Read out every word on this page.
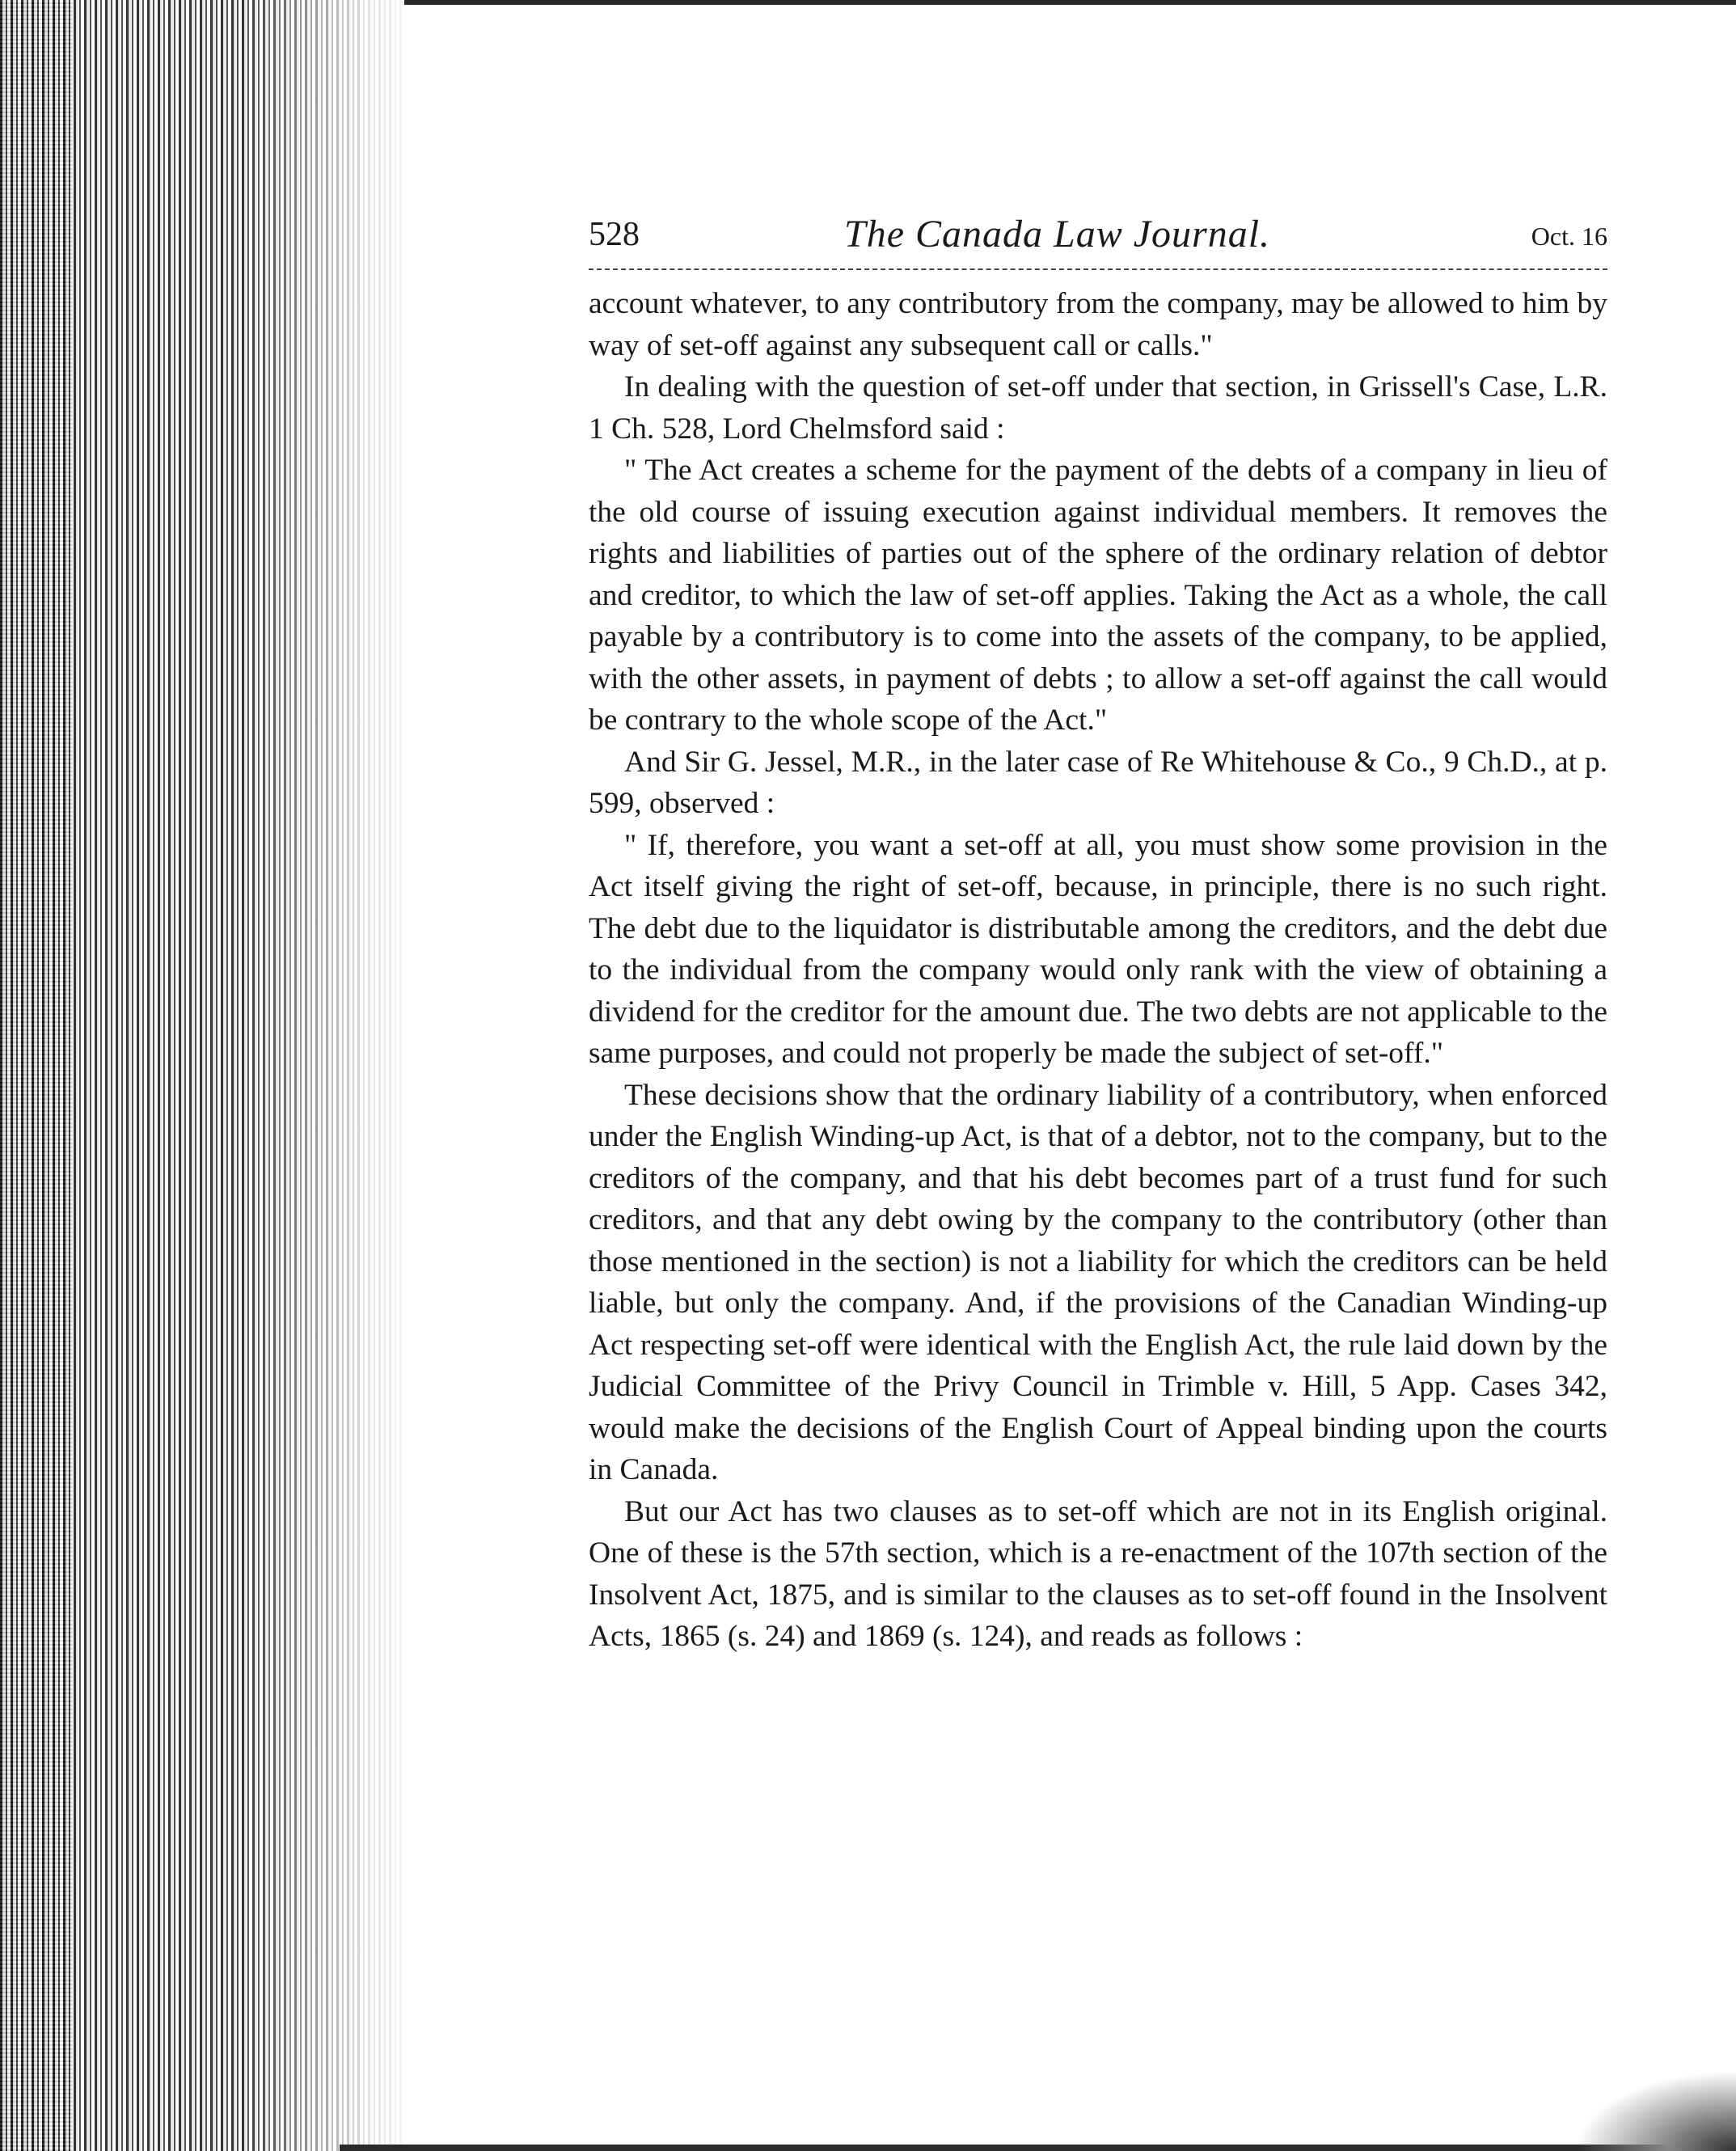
528	The Canada Law Journal.	Oct. 16

account whatever, to any contributory from the company, may be allowed to him by way of set-off against any subsequent call or calls."

In dealing with the question of set-off under that section, in Grissell's Case, L.R. 1 Ch. 528, Lord Chelmsford said :

" The Act creates a scheme for the payment of the debts of a company in lieu of the old course of issuing execution against individual members. It removes the rights and liabilities of parties out of the sphere of the ordinary relation of debtor and creditor, to which the law of set-off applies. Taking the Act as a whole, the call payable by a contributory is to come into the assets of the company, to be applied, with the other assets, in payment of debts ; to allow a set-off against the call would be contrary to the whole scope of the Act."

And Sir G. Jessel, M.R., in the later case of Re Whitehouse & Co., 9 Ch.D., at p. 599, observed :

" If, therefore, you want a set-off at all, you must show some provision in the Act itself giving the right of set-off, because, in principle, there is no such right. The debt due to the liquidator is distributable among the creditors, and the debt due to the individual from the company would only rank with the view of obtaining a dividend for the creditor for the amount due. The two debts are not applicable to the same purposes, and could not properly be made the subject of set-off."

These decisions show that the ordinary liability of a contributory, when enforced under the English Winding-up Act, is that of a debtor, not to the company, but to the creditors of the company, and that his debt becomes part of a trust fund for such creditors, and that any debt owing by the company to the contributory (other than those mentioned in the section) is not a liability for which the creditors can be held liable, but only the company. And, if the provisions of the Canadian Winding-up Act respecting set-off were identical with the English Act, the rule laid down by the Judicial Committee of the Privy Council in Trimble v. Hill, 5 App. Cases 342, would make the decisions of the English Court of Appeal binding upon the courts in Canada.

But our Act has two clauses as to set-off which are not in its English original. One of these is the 57th section, which is a re-enactment of the 107th section of the Insolvent Act, 1875, and is similar to the clauses as to set-off found in the Insolvent Acts, 1865 (s. 24) and 1869 (s. 124), and reads as follows :
